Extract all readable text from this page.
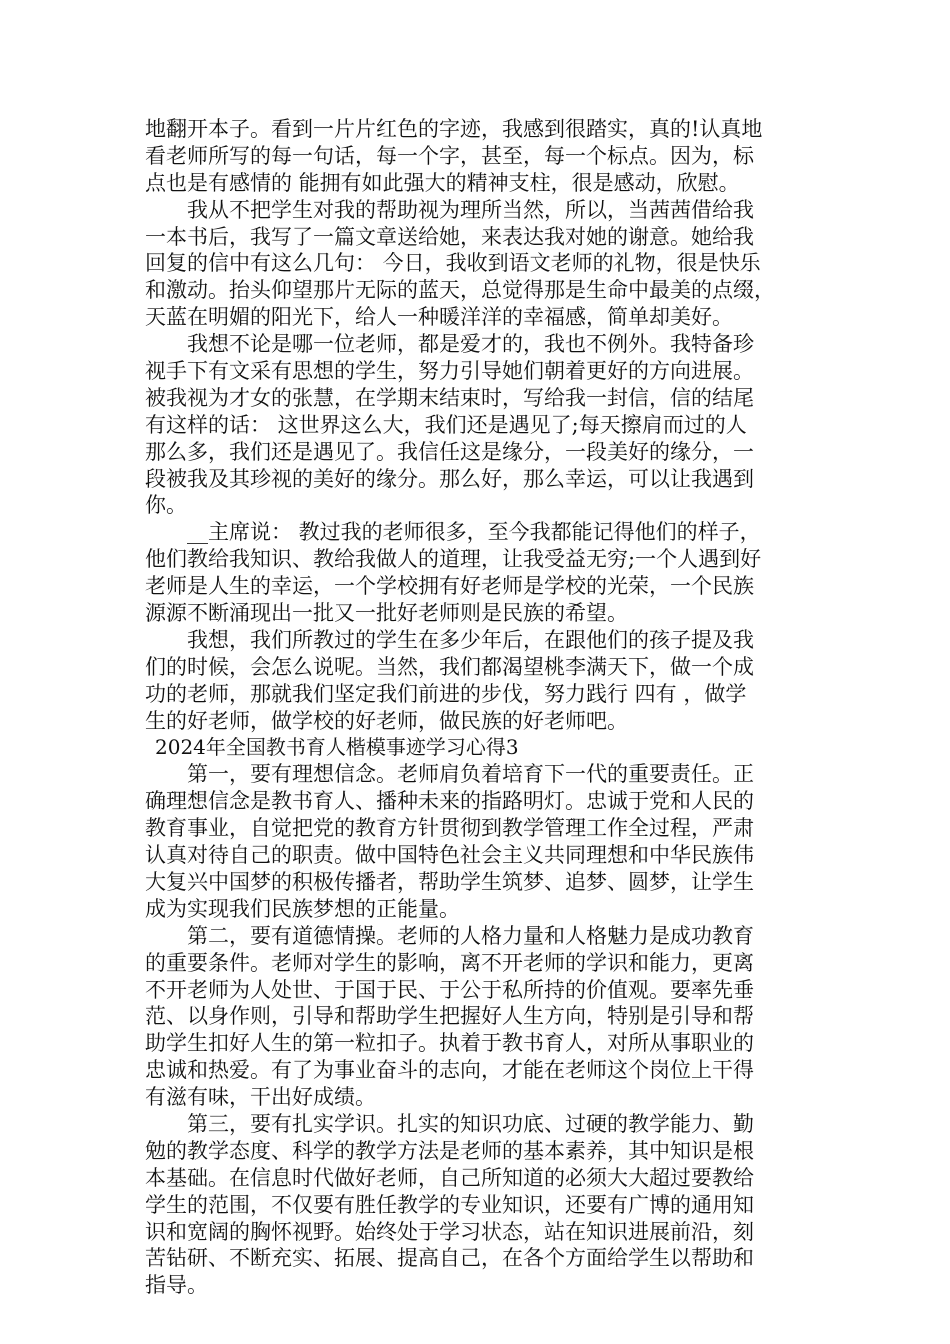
地翻开本子。看到一片片红色的字迹，我感到很踏实，真的!认真地
看老师所写的每一句话，每一个字，甚至，每一个标点。因为，标
点也是有感情的 能拥有如此强大的精神支柱，很是感动，欣慰。
　　我从不把学生对我的帮助视为理所当然，所以，当茜茜借给我
一本书后，我写了一篇文章送给她，来表达我对她的谢意。她给我
回复的信中有这么几句： 今日，我收到语文老师的礼物，很是快乐
和激动。抬头仰望那片无际的蓝天，总觉得那是生命中最美的点缀，
天蓝在明媚的阳光下，给人一种暖洋洋的幸福感，简单却美好。
　　我想不论是哪一位老师，都是爱才的，我也不例外。我特备珍
视手下有文采有思想的学生，努力引导她们朝着更好的方向进展。
被我视为才女的张慧，在学期末结束时，写给我一封信，信的结尾
有这样的话： 这世界这么大，我们还是遇见了;每天擦肩而过的人
那么多，我们还是遇见了。我信任这是缘分，一段美好的缘分，一
段被我及其珍视的美好的缘分。那么好，那么幸运，可以让我遇到
你。
　　__主席说： 教过我的老师很多，至今我都能记得他们的样子，
他们教给我知识、教给我做人的道理，让我受益无穷;一个人遇到好
老师是人生的幸运，一个学校拥有好老师是学校的光荣，一个民族
源源不断涌现出一批又一批好老师则是民族的希望。
　　我想，我们所教过的学生在多少年后，在跟他们的孩子提及我
们的时候，会怎么说呢。当然，我们都渴望桃李满天下，做一个成
功的老师，那就我们坚定我们前进的步伐，努力践行 四有 ，做学
生的好老师，做学校的好老师，做民族的好老师吧。
2024年全国教书育人楷模事迹学习心得3
　　第一，要有理想信念。老师肩负着培育下一代的重要责任。正
确理想信念是教书育人、播种未来的指路明灯。忠诚于党和人民的
教育事业，自觉把党的教育方针贯彻到教学管理工作全过程，严肃
认真对待自己的职责。做中国特色社会主义共同理想和中华民族伟
大复兴中国梦的积极传播者，帮助学生筑梦、追梦、圆梦，让学生
成为实现我们民族梦想的正能量。
　　第二，要有道德情操。老师的人格力量和人格魅力是成功教育
的重要条件。老师对学生的影响，离不开老师的学识和能力，更离
不开老师为人处世、于国于民、于公于私所持的价值观。要率先垂
范、以身作则，引导和帮助学生把握好人生方向，特别是引导和帮
助学生扣好人生的第一粒扣子。执着于教书育人，对所从事职业的
忠诚和热爱。有了为事业奋斗的志向，才能在老师这个岗位上干得
有滋有味，干出好成绩。
　　第三，要有扎实学识。扎实的知识功底、过硬的教学能力、勤
勉的教学态度、科学的教学方法是老师的基本素养，其中知识是根
本基础。在信息时代做好老师，自己所知道的必须大大超过要教给
学生的范围，不仅要有胜任教学的专业知识，还要有广博的通用知
识和宽阔的胸怀视野。始终处于学习状态，站在知识进展前沿，刻
苦钻研、不断充实、拓展、提高自己，在各个方面给学生以帮助和
指导。
